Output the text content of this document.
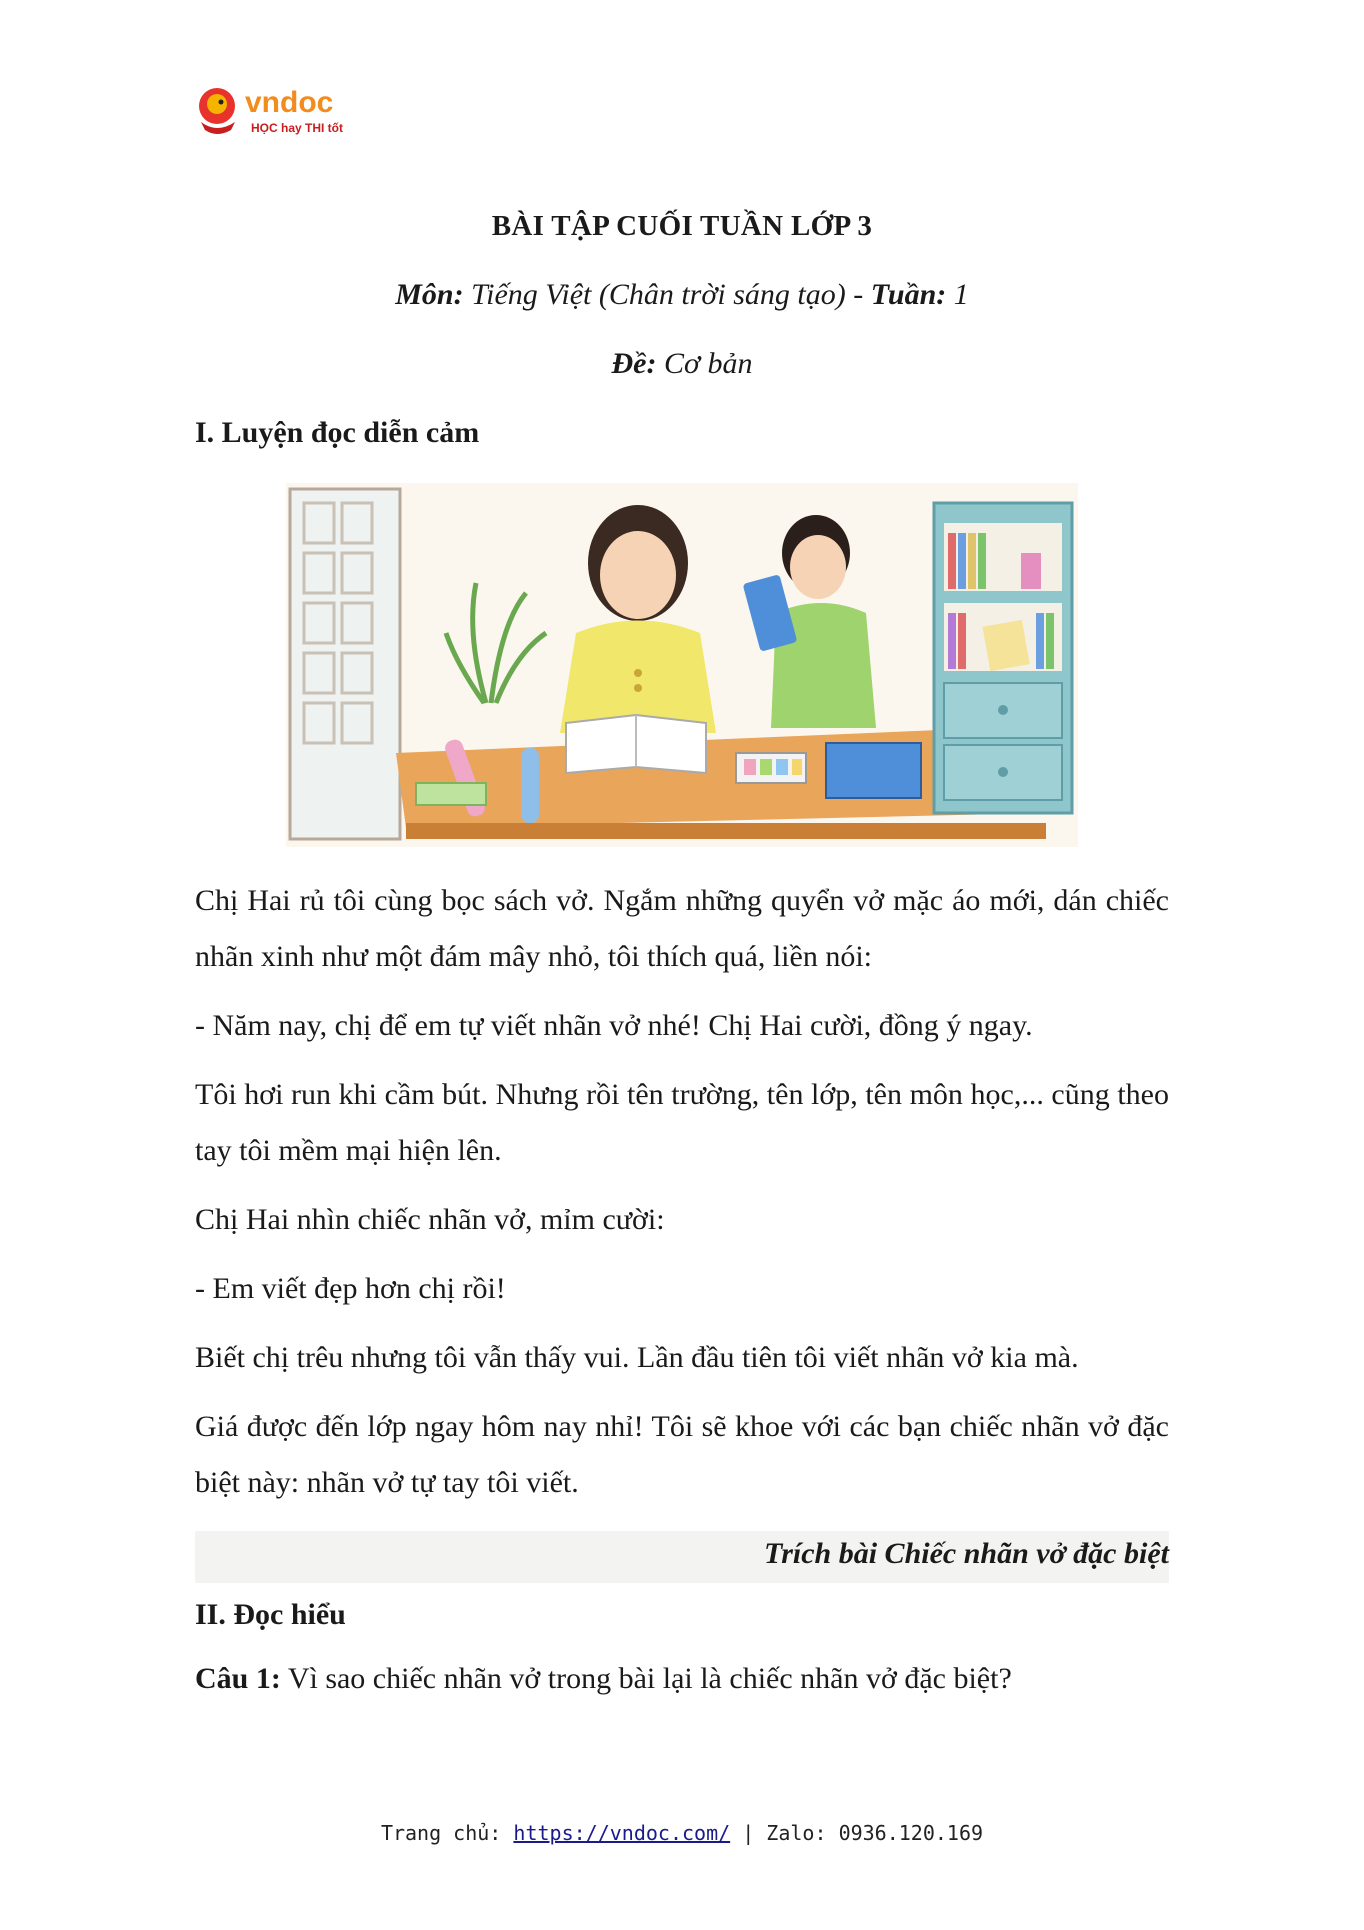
vndoc
HỌC hay THI tốt
BÀI TẬP CUỐI TUẦN LỚP 3
Môn: Tiếng Việt (Chân trời sáng tạo) - Tuần: 1
Đề: Cơ bản
I. Luyện đọc diễn cảm
Chị Hai rủ tôi cùng bọc sách vở. Ngắm những quyển vở mặc áo mới, dán chiếc nhãn xinh như một đám mây nhỏ, tôi thích quá, liền nói:
- Năm nay, chị để em tự viết nhãn vở nhé! Chị Hai cười, đồng ý ngay.
Tôi hơi run khi cầm bút. Nhưng rồi tên trường, tên lớp, tên môn học,... cũng theo tay tôi mềm mại hiện lên.
Chị Hai nhìn chiếc nhãn vở, mỉm cười:
- Em viết đẹp hơn chị rồi!
Biết chị trêu nhưng tôi vẫn thấy vui. Lần đầu tiên tôi viết nhãn vở kia mà.
Giá được đến lớp ngay hôm nay nhỉ! Tôi sẽ khoe với các bạn chiếc nhãn vở đặc biệt này: nhãn vở tự tay tôi viết.
Trích bài Chiếc nhãn vở đặc biệt
II. Đọc hiểu
Câu 1: Vì sao chiếc nhãn vở trong bài lại là chiếc nhãn vở đặc biệt?
Trang chủ: https://vndoc.com/ | Zalo: 0936.120.169
